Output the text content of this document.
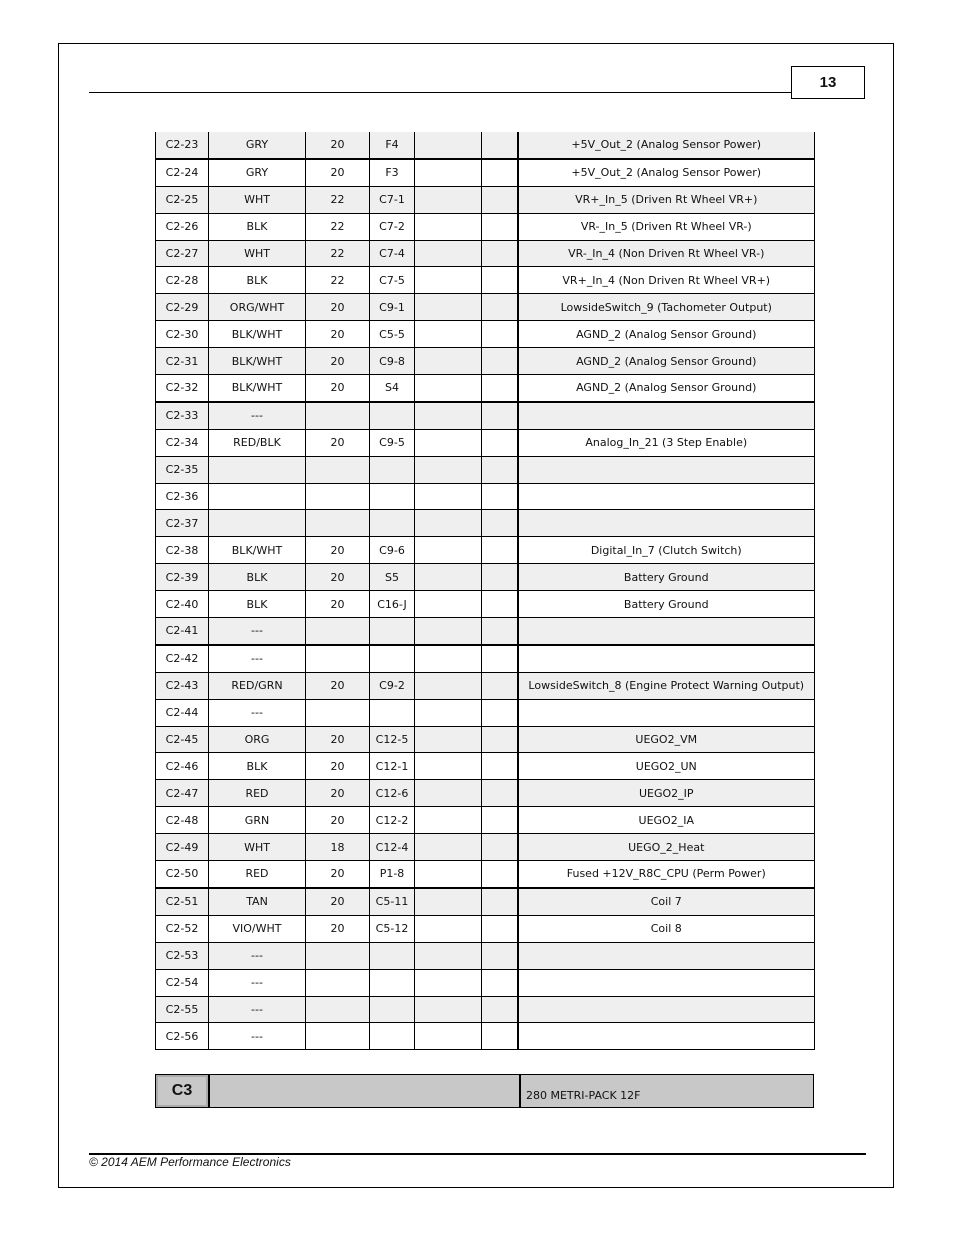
13
C2-23	GRY	20	F4			+5V_Out_2 (Analog Sensor Power)
C2-24	GRY	20	F3			+5V_Out_2 (Analog Sensor Power)
C2-25	WHT	22	C7-1			VR+_In_5 (Driven Rt Wheel VR+)
C2-26	BLK	22	C7-2			VR-_In_5 (Driven Rt Wheel VR-)
C2-27	WHT	22	C7-4			VR-_In_4 (Non Driven Rt Wheel VR-)
C2-28	BLK	22	C7-5			VR+_In_4 (Non Driven Rt Wheel VR+)
C2-29	ORG/WHT	20	C9-1			LowsideSwitch_9 (Tachometer Output)
C2-30	BLK/WHT	20	C5-5			AGND_2 (Analog Sensor Ground)
C2-31	BLK/WHT	20	C9-8			AGND_2 (Analog Sensor Ground)
C2-32	BLK/WHT	20	S4			AGND_2 (Analog Sensor Ground)
C2-33	---					
C2-34	RED/BLK	20	C9-5			Analog_In_21 (3 Step Enable)
C2-35						
C2-36						
C2-37						
C2-38	BLK/WHT	20	C9-6			Digital_In_7 (Clutch Switch)
C2-39	BLK	20	S5			Battery Ground
C2-40	BLK	20	C16-J			Battery Ground
C2-41	---					
C2-42	---					
C2-43	RED/GRN	20	C9-2			LowsideSwitch_8 (Engine Protect Warning Output)
C2-44	---					
C2-45	ORG	20	C12-5			UEGO2_VM
C2-46	BLK	20	C12-1			UEGO2_UN
C2-47	RED	20	C12-6			UEGO2_IP
C2-48	GRN	20	C12-2			UEGO2_IA
C2-49	WHT	18	C12-4			UEGO_2_Heat
C2-50	RED	20	P1-8			Fused +12V_R8C_CPU (Perm Power)
C2-51	TAN	20	C5-11			Coil 7
C2-52	VIO/WHT	20	C5-12			Coil 8
C2-53	---					
C2-54	---					
C2-55	---					
C2-56	---					
C3	280 METRI-PACK 12F
© 2014 AEM Performance Electronics
